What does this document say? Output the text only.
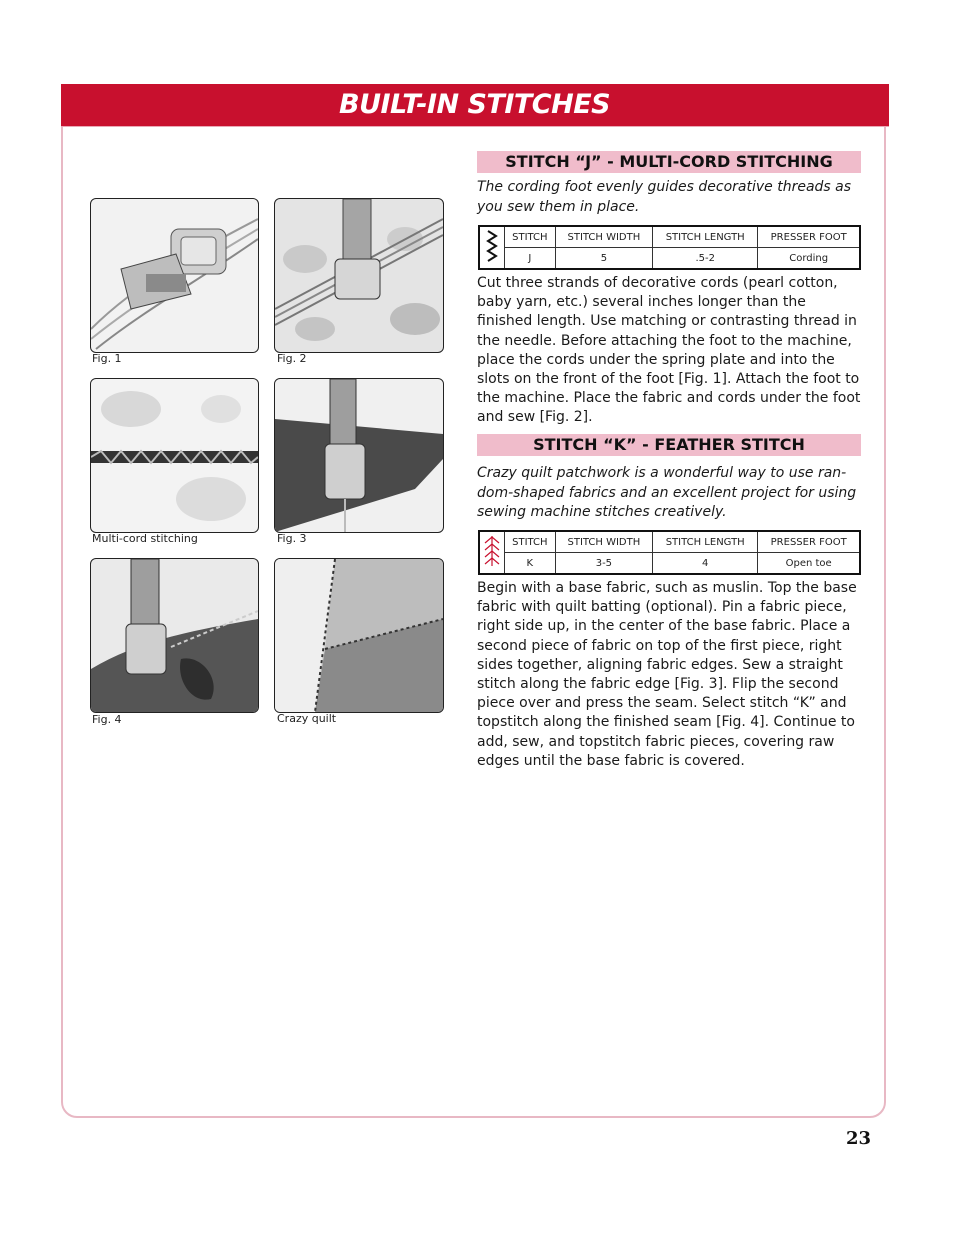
BUILT-IN STITCHES
Fig. 1	Fig. 2
Multi-cord stitching	Fig. 3
Fig. 4	Crazy quilt
STITCH “J” - MULTI-CORD STITCHING
The cording foot evenly guides decorative threads as you sew them in place.
	STITCH	STITCH WIDTH	STITCH LENGTH	PRESSER FOOT
	J	5	.5-2	Cording
Cut three strands of decorative cords (pearl cotton, baby yarn, etc.) several inches longer than the finished length. Use matching or contrasting thread in the needle. Before attaching the foot to the machine, place the cords under the spring plate and into the slots on the front of the foot [Fig. 1]. Attach the foot to the machine. Place the fabric and cords under the foot and sew [Fig. 2].
STITCH “K” - FEATHER STITCH
Crazy quilt patchwork is a wonderful way to use ran-dom-shaped fabrics and an excellent project for using sewing machine stitches creatively.
	STITCH	STITCH WIDTH	STITCH LENGTH	PRESSER FOOT
	K	3-5	4	Open toe
Begin with a base fabric, such as muslin. Top the base fabric with quilt batting (optional). Pin a fabric piece, right side up, in the center of the base fabric. Place a second piece of fabric on top of the first piece, right sides together, aligning fabric edges. Sew a straight stitch along the fabric edge [Fig. 3]. Flip the second piece over and press the seam. Select stitch “K” and topstitch along the finished seam [Fig. 4]. Continue to add, sew, and topstitch fabric pieces, covering raw edges until the base fabric is covered.
23
